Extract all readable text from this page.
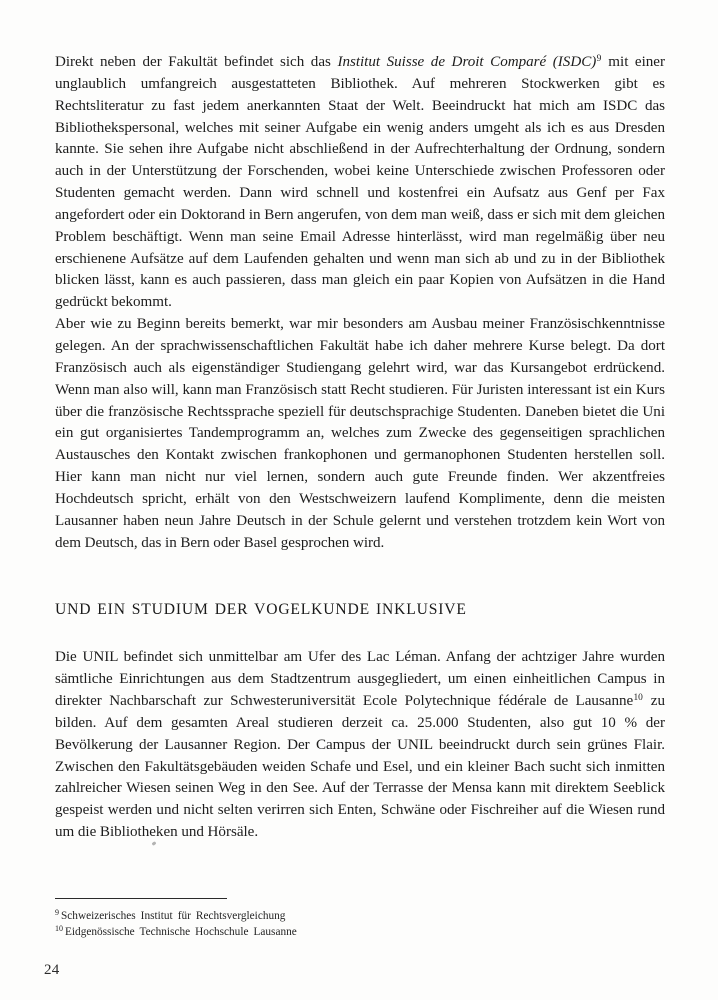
Direkt neben der Fakultät befindet sich das Institut Suisse de Droit Comparé (ISDC)$^9$ mit einer unglaublich umfangreich ausgestatteten Bibliothek. Auf mehreren Stockwerken gibt es Rechtsliteratur zu fast jedem anerkannten Staat der Welt. Beeindruckt hat mich am ISDC das Bibliothekspersonal, welches mit seiner Aufgabe ein wenig anders umgeht als ich es aus Dresden kannte. Sie sehen ihre Aufgabe nicht abschließend in der Aufrechterhaltung der Ordnung, sondern auch in der Unterstützung der Forschenden, wobei keine Unterschiede zwischen Professoren oder Studenten gemacht werden. Dann wird schnell und kostenfrei ein Aufsatz aus Genf per Fax angefordert oder ein Doktorand in Bern angerufen, von dem man weiß, dass er sich mit dem gleichen Problem beschäftigt. Wenn man seine Email Adresse hinterlässt, wird man regelmäßig über neu erschienene Aufsätze auf dem Laufenden gehalten und wenn man sich ab und zu in der Bibliothek blicken lässt, kann es auch passieren, dass man gleich ein paar Kopien von Aufsätzen in die Hand gedrückt bekommt.

Aber wie zu Beginn bereits bemerkt, war mir besonders am Ausbau meiner Französischkenntnisse gelegen. An der sprachwissenschaftlichen Fakultät habe ich daher mehrere Kurse belegt. Da dort Französisch auch als eigenständiger Studiengang gelehrt wird, war das Kursangebot erdrückend. Wenn man also will, kann man Französisch statt Recht studieren. Für Juristen interessant ist ein Kurs über die französische Rechtssprache speziell für deutschsprachige Studenten. Daneben bietet die Uni ein gut organisiertes Tandemprogramm an, welches zum Zwecke des gegenseitigen sprachlichen Austausches den Kontakt zwischen frankophonen und germanophonen Studenten herstellen soll. Hier kann man nicht nur viel lernen, sondern auch gute Freunde finden. Wer akzentfreies Hochdeutsch spricht, erhält von den Westschweizern laufend Komplimente, denn die meisten Lausanner haben neun Jahre Deutsch in der Schule gelernt und verstehen trotzdem kein Wort von dem Deutsch, das in Bern oder Basel gesprochen wird.

UND EIN STUDIUM DER VOGELKUNDE INKLUSIVE

Die UNIL befindet sich unmittelbar am Ufer des Lac Léman. Anfang der achtziger Jahre wurden sämtliche Einrichtungen aus dem Stadtzentrum ausgegliedert, um einen einheitlichen Campus in direkter Nachbarschaft zur Schwesteruniversität Ecole Polytechnique fédérale de Lausanne$^{10}$ zu bilden. Auf dem gesamten Areal studieren derzeit ca. 25.000 Studenten, also gut 10 % der Bevölkerung der Lausanner Region. Der Campus der UNIL beeindruckt durch sein grünes Flair. Zwischen den Fakultätsgebäuden weiden Schafe und Esel, und ein kleiner Bach sucht sich inmitten zahlreicher Wiesen seinen Weg in den See. Auf der Terrasse der Mensa kann mit direktem Seeblick gespeist werden und nicht selten verirren sich Enten, Schwäne oder Fischreiher auf die Wiesen rund um die Bibliotheken und Hörsäle.

$^9$ Schweizerisches Institut für Rechtsvergleichung
$^{10}$ Eidgenössische Technische Hochschule Lausanne
24
